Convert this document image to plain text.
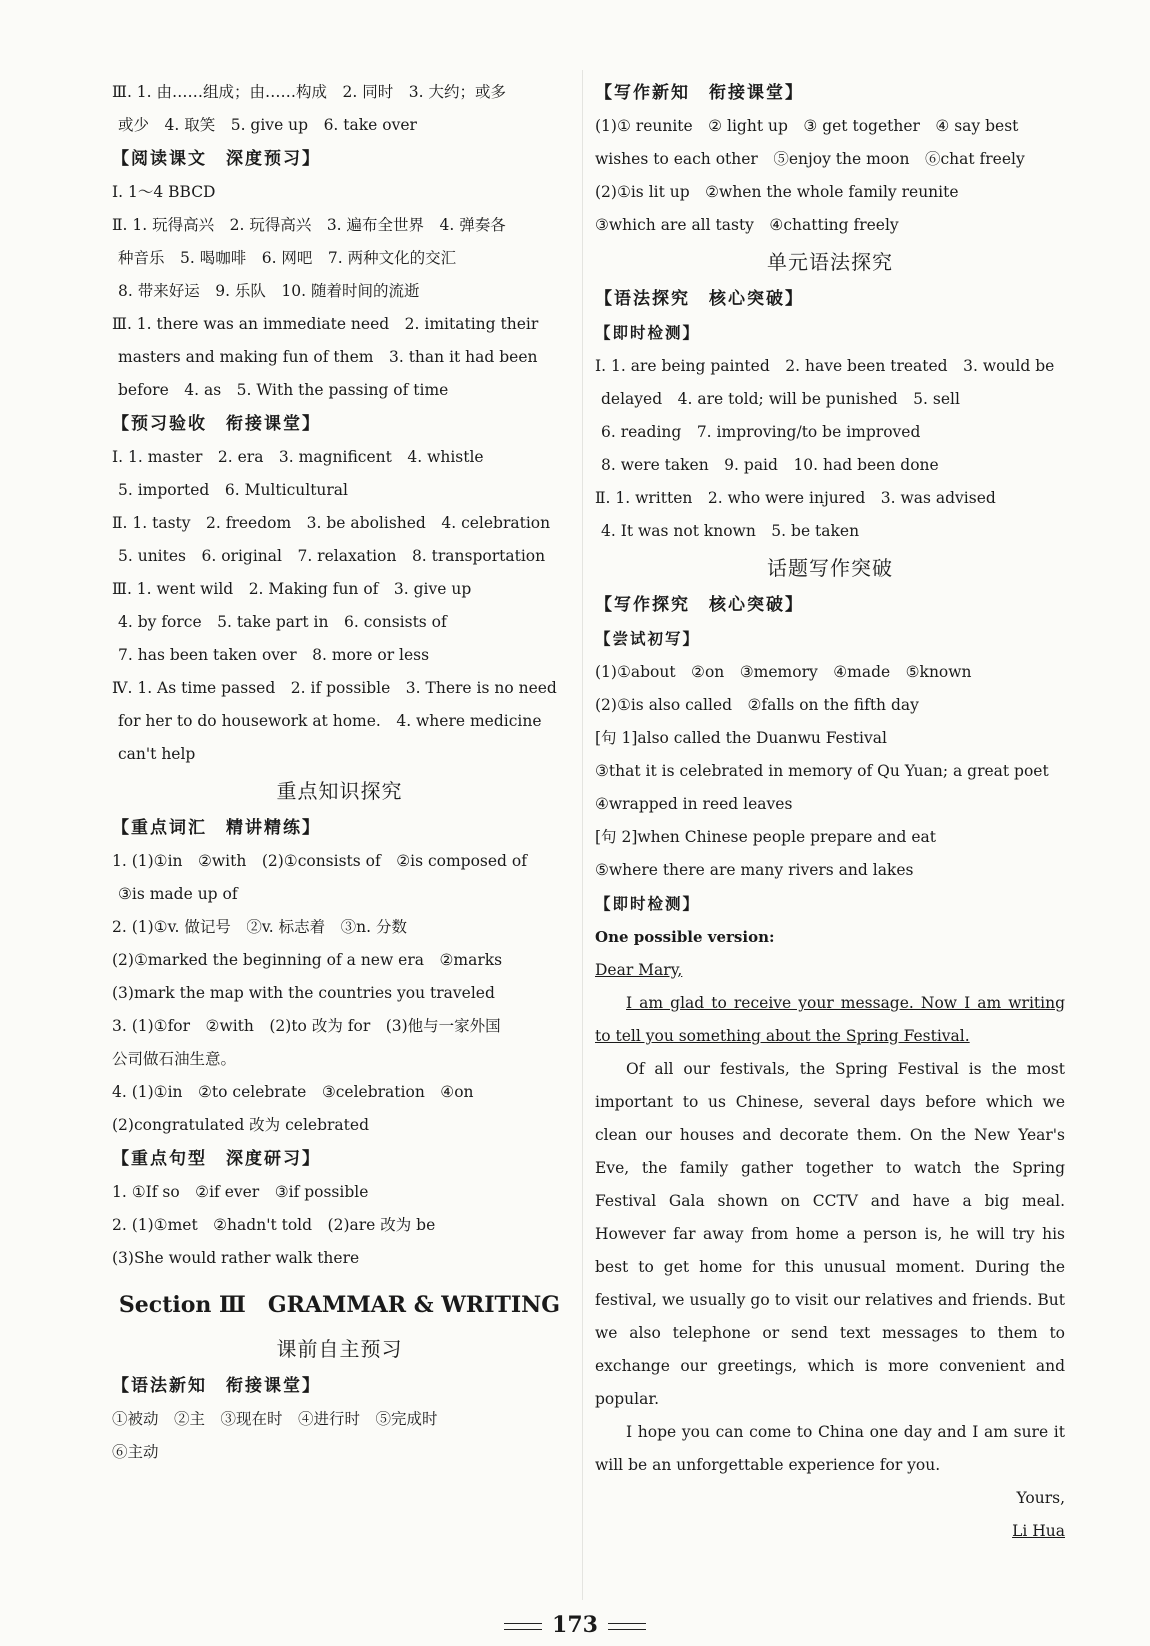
Ⅲ. 1. 由……组成；由……构成　2. 同时　3. 大约；或多
或少　4. 取笑　5. give up　6. take over
【阅读课文　深度预习】
Ⅰ. 1～4 BBCD
Ⅱ. 1. 玩得高兴　2. 玩得高兴　3. 遍布全世界　4. 弹奏各
种音乐　5. 喝咖啡　6. 网吧　7. 两种文化的交汇
8. 带来好运　9. 乐队　10. 随着时间的流逝
Ⅲ. 1. there was an immediate need　2. imitating their
masters and making fun of them　3. than it had been
before　4. as　5. With the passing of time
【预习验收　衔接课堂】
Ⅰ. 1. master　2. era　3. magnificent　4. whistle
5. imported　6. Multicultural
Ⅱ. 1. tasty　2. freedom　3. be abolished　4. celebration
5. unites　6. original　7. relaxation　8. transportation
Ⅲ. 1. went wild　2. Making fun of　3. give up
4. by force　5. take part in　6. consists of
7. has been taken over　8. more or less
Ⅳ. 1. As time passed　2. if possible　3. There is no need
for her to do housework at home.　4. where medicine
can't help
重点知识探究
【重点词汇　精讲精练】
1. (1)①in　②with　(2)①consists of　②is composed of
③is made up of
2. (1)①v. 做记号　②v. 标志着　③n. 分数
(2)①marked the beginning of a new era　②marks
(3)mark the map with the countries you traveled
3. (1)①for　②with　(2)to 改为 for　(3)他与一家外国
公司做石油生意。
4. (1)①in　②to celebrate　③celebration　④on
(2)congratulated 改为 celebrated
【重点句型　深度研习】
1. ①If so　②if ever　③if possible
2. (1)①met　②hadn't told　(2)are 改为 be
(3)She would rather walk there
Section Ⅲ　GRAMMAR & WRITING
课前自主预习
【语法新知　衔接课堂】
①被动　②主　③现在时　④进行时　⑤完成时
⑥主动
【写作新知　衔接课堂】
(1)① reunite　② light up　③ get together　④ say best
wishes to each other　⑤enjoy the moon　⑥chat freely
(2)①is lit up　②when the whole family reunite
③which are all tasty　④chatting freely
单元语法探究
【语法探究　核心突破】
【即时检测】
Ⅰ. 1. are being painted　2. have been treated　3. would be
delayed　4. are told; will be punished　5. sell
6. reading　7. improving/to be improved
8. were taken　9. paid　10. had been done
Ⅱ. 1. written　2. who were injured　3. was advised
4. It was not known　5. be taken
话题写作突破
【写作探究　核心突破】
【尝试初写】
(1)①about　②on　③memory　④made　⑤known
(2)①is also called　②falls on the fifth day
[句 1]also called the Duanwu Festival
③that it is celebrated in memory of Qu Yuan; a great poet
④wrapped in reed leaves
[句 2]when Chinese people prepare and eat
⑤where there are many rivers and lakes
【即时检测】
One possible version:
Dear Mary,
I am glad to receive your message. Now I am writing
to tell you something about the Spring Festival.
Of all our festivals, the Spring Festival is the most
important to us Chinese, several days before which we
clean our houses and decorate them. On the New Year's
Eve, the family gather together to watch the Spring
Festival Gala shown on CCTV and have a big meal.
However far away from home a person is, he will try his
best to get home for this unusual moment. During the
festival, we usually go to visit our relatives and friends. But
we also telephone or send text messages to them to
exchange our greetings, which is more convenient and
popular.
I hope you can come to China one day and I am sure it
will be an unforgettable experience for you.
Yours,
Li Hua
173
